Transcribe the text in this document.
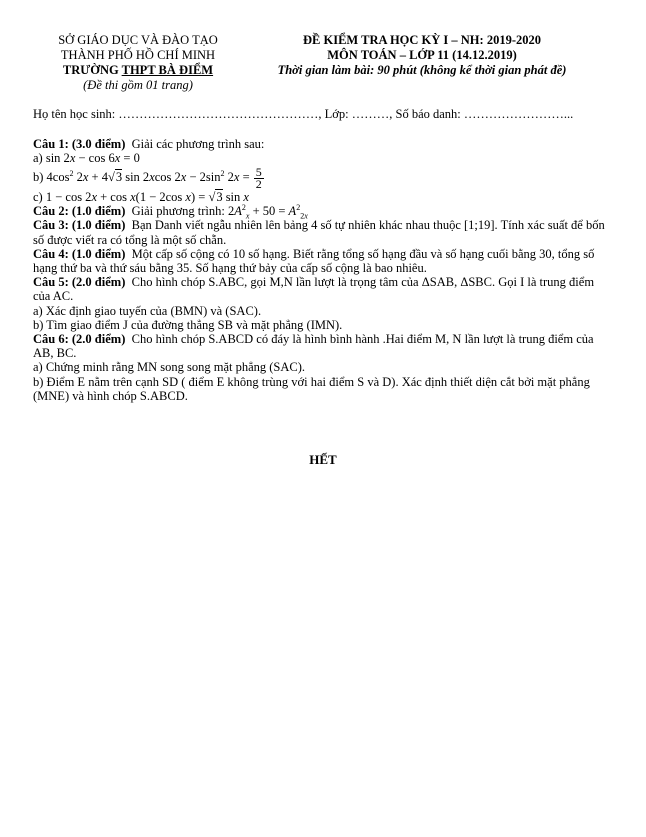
SỞ GIÁO DỤC VÀ ĐÀO TẠO
THÀNH PHỐ HỒ CHÍ MINH
TRƯỜNG THPT BÀ ĐIỂM
(Đề thi gồm 01 trang)
ĐỀ KIỂM TRA HỌC KỲ I – NH: 2019-2020
MÔN TOÁN – LỚP 11 (14.12.2019)
Thời gian làm bài: 90 phút (không kể thời gian phát đề)
Họ tên học sinh: …………………………………………, Lớp: ………, Số báo danh: ……………………...

Câu 1: (3.0 điểm) Giải các phương trình sau:

a) sin 2x − cos 6x = 0

b) $4\cos^2$ 2x + 4√3 sin 2xcos $2x - 2\sin^2$ $2x = \frac{5}{2}$

c) 1 − cos 2x + cos x(1 − 2cos x) = √3 sin x

Câu 2: (1.0 điểm) Giải phương trình: $2A^2_x + 50 = A^2_{2x}$

Câu 3: (1.0 điểm) Bạn Danh viết ngẫu nhiên lên bảng 4 số tự nhiên khác nhau thuộc [1;19]. Tính xác suất để bốn số được viết ra có tổng là một số chẵn.

Câu 4: (1.0 điểm) Một cấp số cộng có 10 số hạng. Biết rằng tổng số hạng đầu và số hạng cuối bằng 30, tổng số hạng thứ ba và thứ sáu bằng 35. Số hạng thứ bảy của cấp số cộng là bao nhiêu.

Câu 5: (2.0 điểm) Cho hình chóp S.ABC, gọi M,N lần lượt là trọng tâm của ΔSAB, ΔSBC. Gọi I là trung điểm của AC.

a) Xác định giao tuyến của (BMN) và (SAC).

b) Tìm giao điểm J của đường thẳng SB và mặt phẳng (IMN).

Câu 6: (2.0 điểm) Cho hình chóp S.ABCD có đáy là hình bình hành .Hai điểm M, N lần lượt là trung điểm của AB, BC.

a) Chứng minh rằng MN song song mặt phẳng (SAC).

b) Điểm E nằm trên cạnh SD ( điểm E không trùng với hai điểm S và D). Xác định thiết diện cắt bởi mặt phẳng (MNE) và hình chóp S.ABCD.

HẾT
